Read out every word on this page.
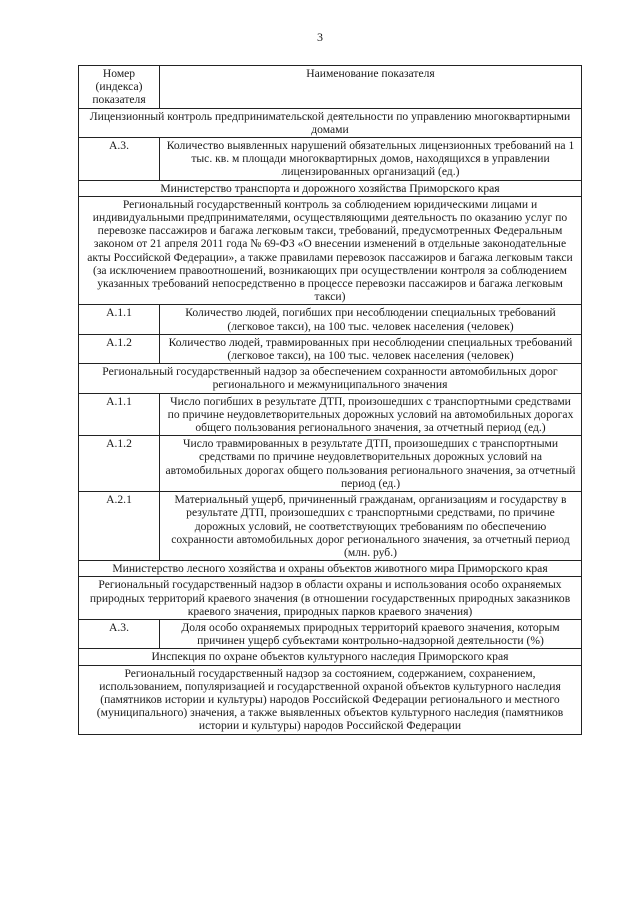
3
Номер (индекса) показателя	Наименование показателя
Лицензионный контроль предпринимательской деятельности по управлению многоквартирными домами	
А.3.	Количество выявленных нарушений обязательных лицензионных требований на 1 тыс. кв. м площади многоквартирных домов, находящихся в управлении лицензированных организаций (ед.)
Министерство транспорта и дорожного хозяйства Приморского края	
Региональный государственный контроль за соблюдением юридическими лицами и индивидуальными предпринимателями, осуществляющими деятельность по оказанию услуг по перевозке пассажиров и багажа легковым такси, требований, предусмотренных Федеральным законом от 21 апреля 2011 года № 69-ФЗ «О внесении изменений в отдельные законодательные акты Российской Федерации», а также правилами перевозок пассажиров и багажа легковым такси (за исключением правоотношений, возникающих при осуществлении контроля за соблюдением указанных требований непосредственно в процессе перевозки пассажиров и багажа легковым такси)	
А.1.1	Количество людей, погибших при несоблюдении специальных требований (легковое такси), на 100 тыс. человек населения (человек)
А.1.2	Количество людей, травмированных при несоблюдении специальных требований (легковое такси), на 100 тыс. человек населения (человек)
Региональный государственный надзор за обеспечением сохранности автомобильных дорог регионального и межмуниципального значения	
А.1.1	Число погибших в результате ДТП, произошедших с транспортными средствами по причине неудовлетворительных дорожных условий на автомобильных дорогах общего пользования регионального значения, за отчетный период (ед.)
А.1.2	Число травмированных в результате ДТП, произошедших с транспортными средствами по причине неудовлетворительных дорожных условий на автомобильных дорогах общего пользования регионального значения, за отчетный период (ед.)
А.2.1	Материальный ущерб, причиненный гражданам, организациям и государству в результате ДТП, произошедших с транспортными средствами, по причине дорожных условий, не соответствующих требованиям по обеспечению сохранности автомобильных дорог регионального значения, за отчетный период (млн. руб.)
Министерство лесного хозяйства и охраны объектов животного мира Приморского края	
Региональный государственный надзор в области охраны и использования особо охраняемых природных территорий краевого значения (в отношении государственных природных заказников краевого значения, природных парков краевого значения)	
А.3.	Доля особо охраняемых природных территорий краевого значения, которым причинен ущерб субъектами контрольно-надзорной деятельности (%)
Инспекция по охране объектов культурного наследия Приморского края	
Региональный государственный надзор за состоянием, содержанием, сохранением, использованием, популяризацией и государственной охраной объектов культурного наследия (памятников истории и культуры) народов Российской Федерации регионального и местного (муниципального) значения, а также выявленных объектов культурного наследия (памятников истории и культуры) народов Российской Федерации	
